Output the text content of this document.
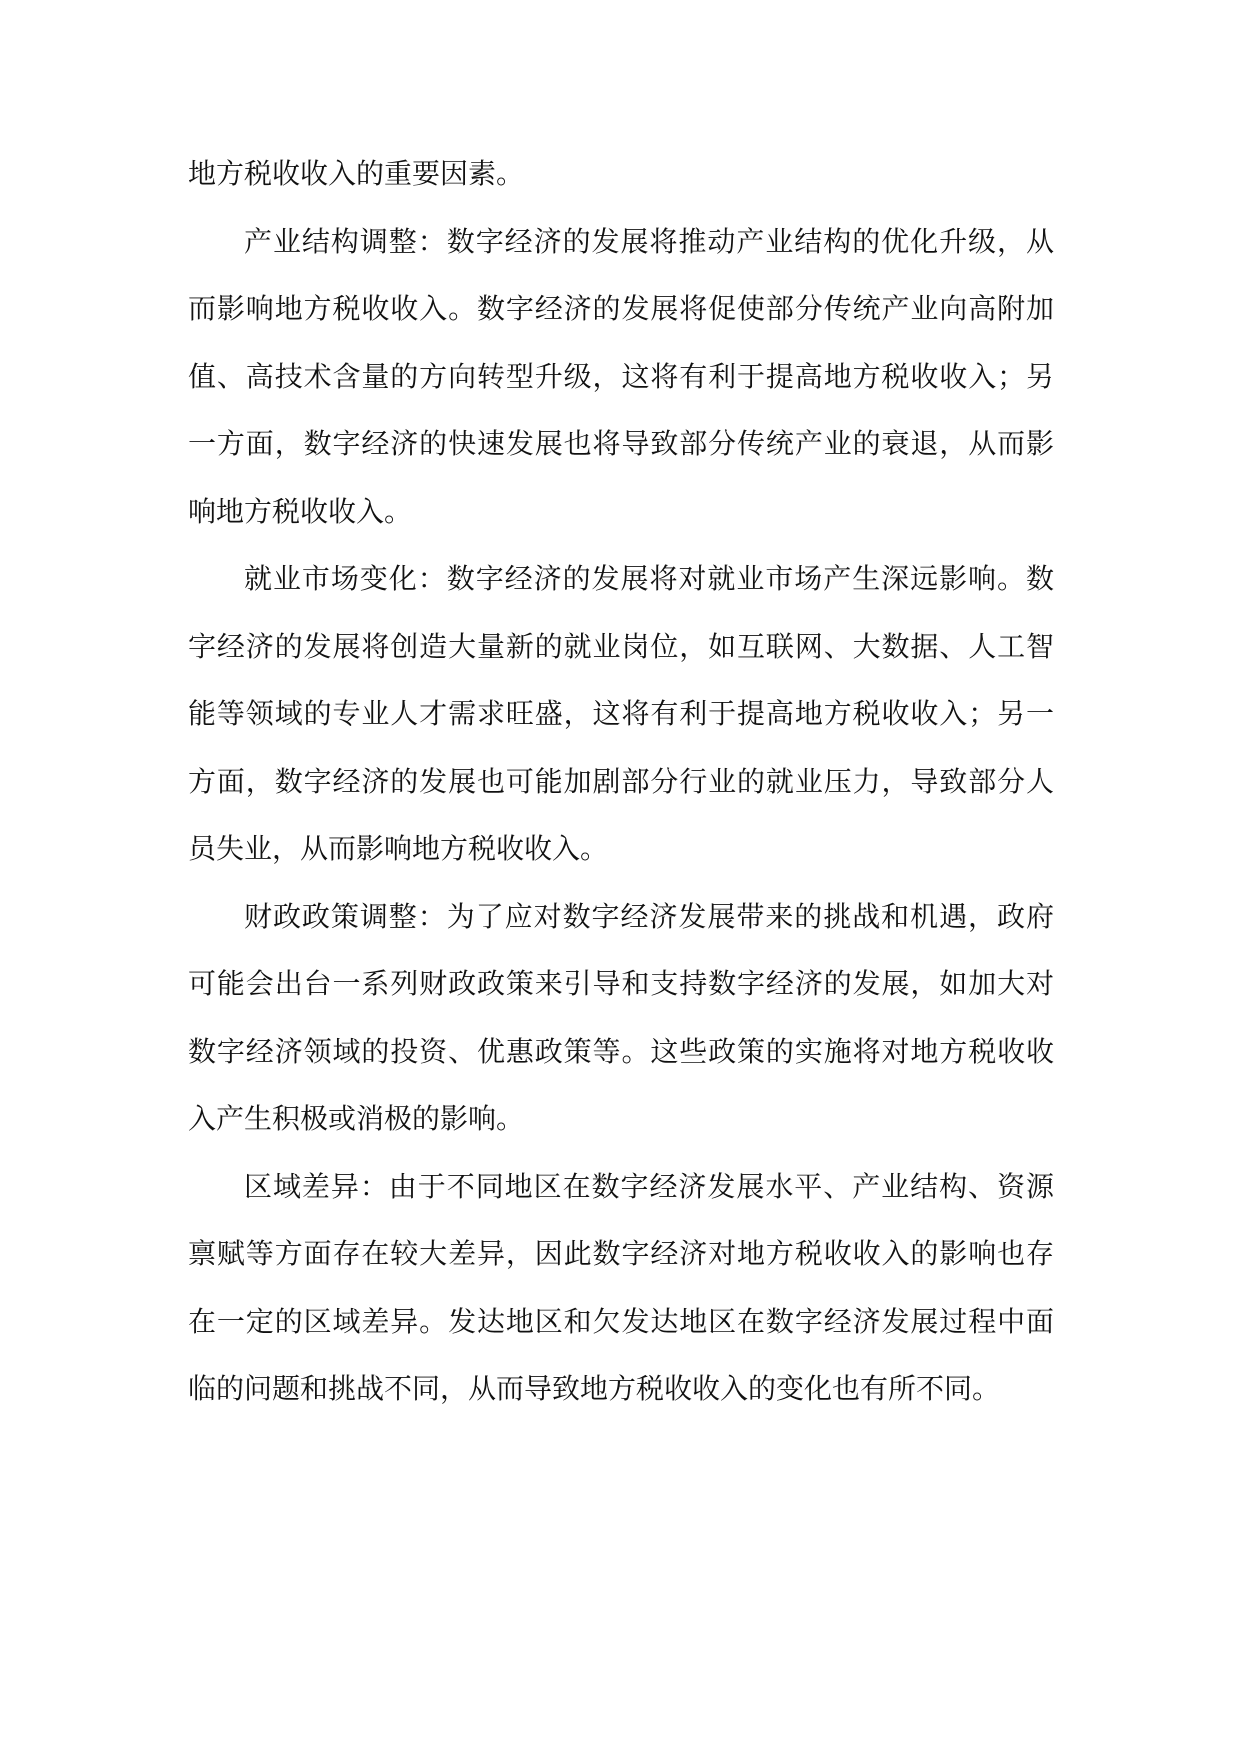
地方税收收入的重要因素。

产业结构调整：数字经济的发展将推动产业结构的优化升级，从而影响地方税收收入。数字经济的发展将促使部分传统产业向高附加值、高技术含量的方向转型升级，这将有利于提高地方税收收入；另一方面，数字经济的快速发展也将导致部分传统产业的衰退，从而影响地方税收收入。

就业市场变化：数字经济的发展将对就业市场产生深远影响。数字经济的发展将创造大量新的就业岗位，如互联网、大数据、人工智能等领域的专业人才需求旺盛，这将有利于提高地方税收收入；另一方面，数字经济的发展也可能加剧部分行业的就业压力，导致部分人员失业，从而影响地方税收收入。

财政政策调整：为了应对数字经济发展带来的挑战和机遇，政府可能会出台一系列财政政策来引导和支持数字经济的发展，如加大对数字经济领域的投资、优惠政策等。这些政策的实施将对地方税收收入产生积极或消极的影响。

区域差异：由于不同地区在数字经济发展水平、产业结构、资源禀赋等方面存在较大差异，因此数字经济对地方税收收入的影响也存在一定的区域差异。发达地区和欠发达地区在数字经济发展过程中面临的问题和挑战不同，从而导致地方税收收入的变化也有所不同。
